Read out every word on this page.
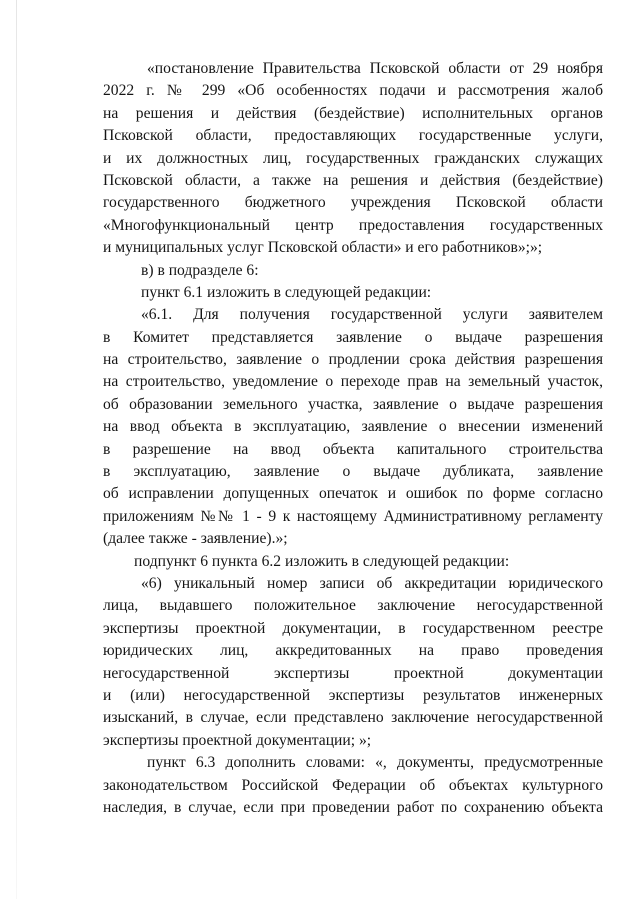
«постановление Правительства Псковской области от 29 ноября
2022 г. № 299 «Об особенностях подачи и рассмотрения жалоб
на решения и действия (бездействие) исполнительных органов
Псковской области, предоставляющих государственные услуги,
и их должностных лиц, государственных гражданских служащих
Псковской области, а также на решения и действия (бездействие)
государственного бюджетного учреждения Псковской области
«Многофункциональный центр предоставления государственных
и муниципальных услуг Псковской области» и его работников»;»;
в) в подразделе 6:
пункт 6.1 изложить в следующей редакции:
«6.1. Для получения государственной услуги заявителем
в Комитет представляется заявление о выдаче разрешения
на строительство, заявление о продлении срока действия разрешения
на строительство, уведомление о переходе прав на земельный участок,
об образовании земельного участка, заявление о выдаче разрешения
на ввод объекта в эксплуатацию, заявление о внесении изменений
в разрешение на ввод объекта капитального строительства
в эксплуатацию, заявление о выдаче дубликата, заявление
об исправлении допущенных опечаток и ошибок по форме согласно
приложениям №№ 1 - 9 к настоящему Административному регламенту
(далее также - заявление).»;
подпункт 6 пункта 6.2 изложить в следующей редакции:
«6) уникальный номер записи об аккредитации юридического
лица, выдавшего положительное заключение негосударственной
экспертизы проектной документации, в государственном реестре
юридических лиц, аккредитованных на право проведения
негосударственной экспертизы проектной документации
и (или) негосударственной экспертизы результатов инженерных
изысканий, в случае, если представлено заключение негосударственной
экспертизы проектной документации; »;
пункт 6.3 дополнить словами: «, документы, предусмотренные
законодательством Российской Федерации об объектах культурного
наследия, в случае, если при проведении работ по сохранению объекта
